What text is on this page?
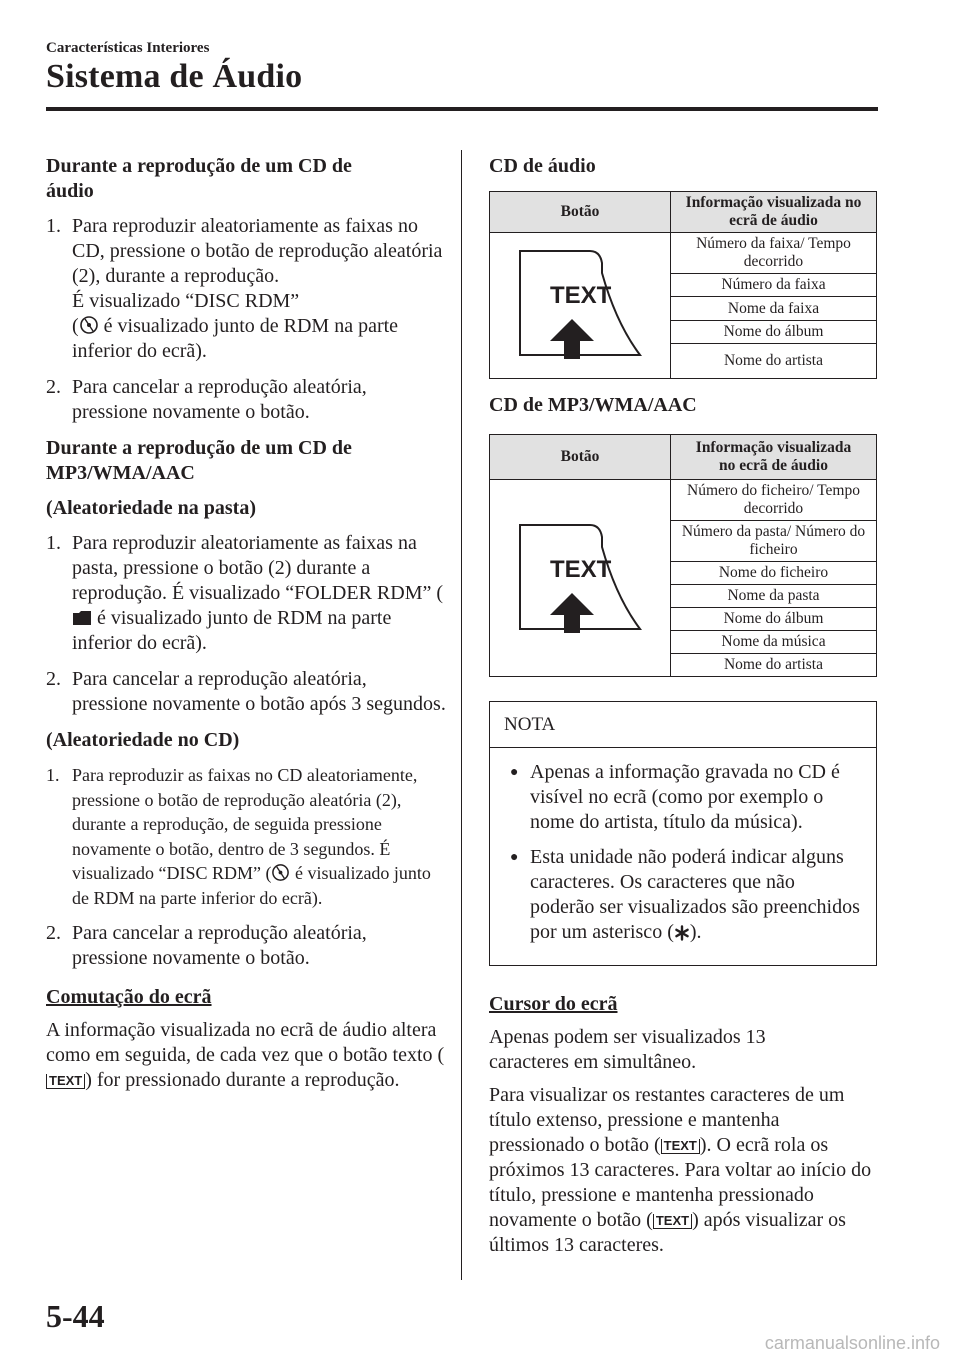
Características Interiores
Sistema de Áudio
Durante a reprodução de um CD de áudio
1. Para reproduzir aleatoriamente as faixas no CD, pressione o botão de reprodução aleatória (2), durante a reprodução.
É visualizado “DISC RDM”
( é visualizado junto de RDM na parte inferior do ecrã).
2. Para cancelar a reprodução aleatória, pressione novamente o botão.
Durante a reprodução de um CD de MP3/WMA/AAC
(Aleatoriedade na pasta)
1. Para reproduzir aleatoriamente as faixas na pasta, pressione o botão (2) durante a reprodução. É visualizado “FOLDER RDM” ( é visualizado junto de RDM na parte inferior do ecrã).
2. Para cancelar a reprodução aleatória, pressione novamente o botão após 3 segundos.
(Aleatoriedade no CD)
1. Para reproduzir as faixas no CD aleatoriamente, pressione o botão de reprodução aleatória (2), durante a reprodução, de seguida pressione novamente o botão, dentro de 3 segundos. É visualizado “DISC RDM” ( é visualizado junto de RDM na parte inferior do ecrã).
2. Para cancelar a reprodução aleatória, pressione novamente o botão.
Comutação do ecrã
A informação visualizada no ecrã de áudio altera como em seguida, de cada vez que o botão texto (TEXT ) for pressionado durante a reprodução.
CD de áudio
Botão	Informação visualizada no ecrã de áudio

TEXT	Número da faixa/ Tempo decorrido
	Número da faixa
	Nome da faixa
	Nome do álbum
	Nome do artista
CD de MP3/WMA/AAC
Botão	Informação visualizada no ecrã de áudio

TEXT	Número do ficheiro/ Tempo decorrido
	Número da pasta/ Número do ficheiro
	Nome do ficheiro
	Nome da pasta
	Nome do álbum
	Nome da música
	Nome do artista
NOTA
● Apenas a informação gravada no CD é visível no ecrã (como por exemplo o nome do artista, título da música).
● Esta unidade não poderá indicar alguns caracteres. Os caracteres que não poderão ser visualizados são preenchidos por um asterisco ( ).
Cursor do ecrã
Apenas podem ser visualizados 13 caracteres em simultâneo.
Para visualizar os restantes caracteres de um título extenso, pressione e mantenha pressionado o botão ( TEXT ). O ecrã rola os próximos 13 caracteres. Para voltar ao início do título, pressione e mantenha pressionado novamente o botão ( TEXT ) após visualizar os últimos 13 caracteres.
5-44
carmanualsonline.info
